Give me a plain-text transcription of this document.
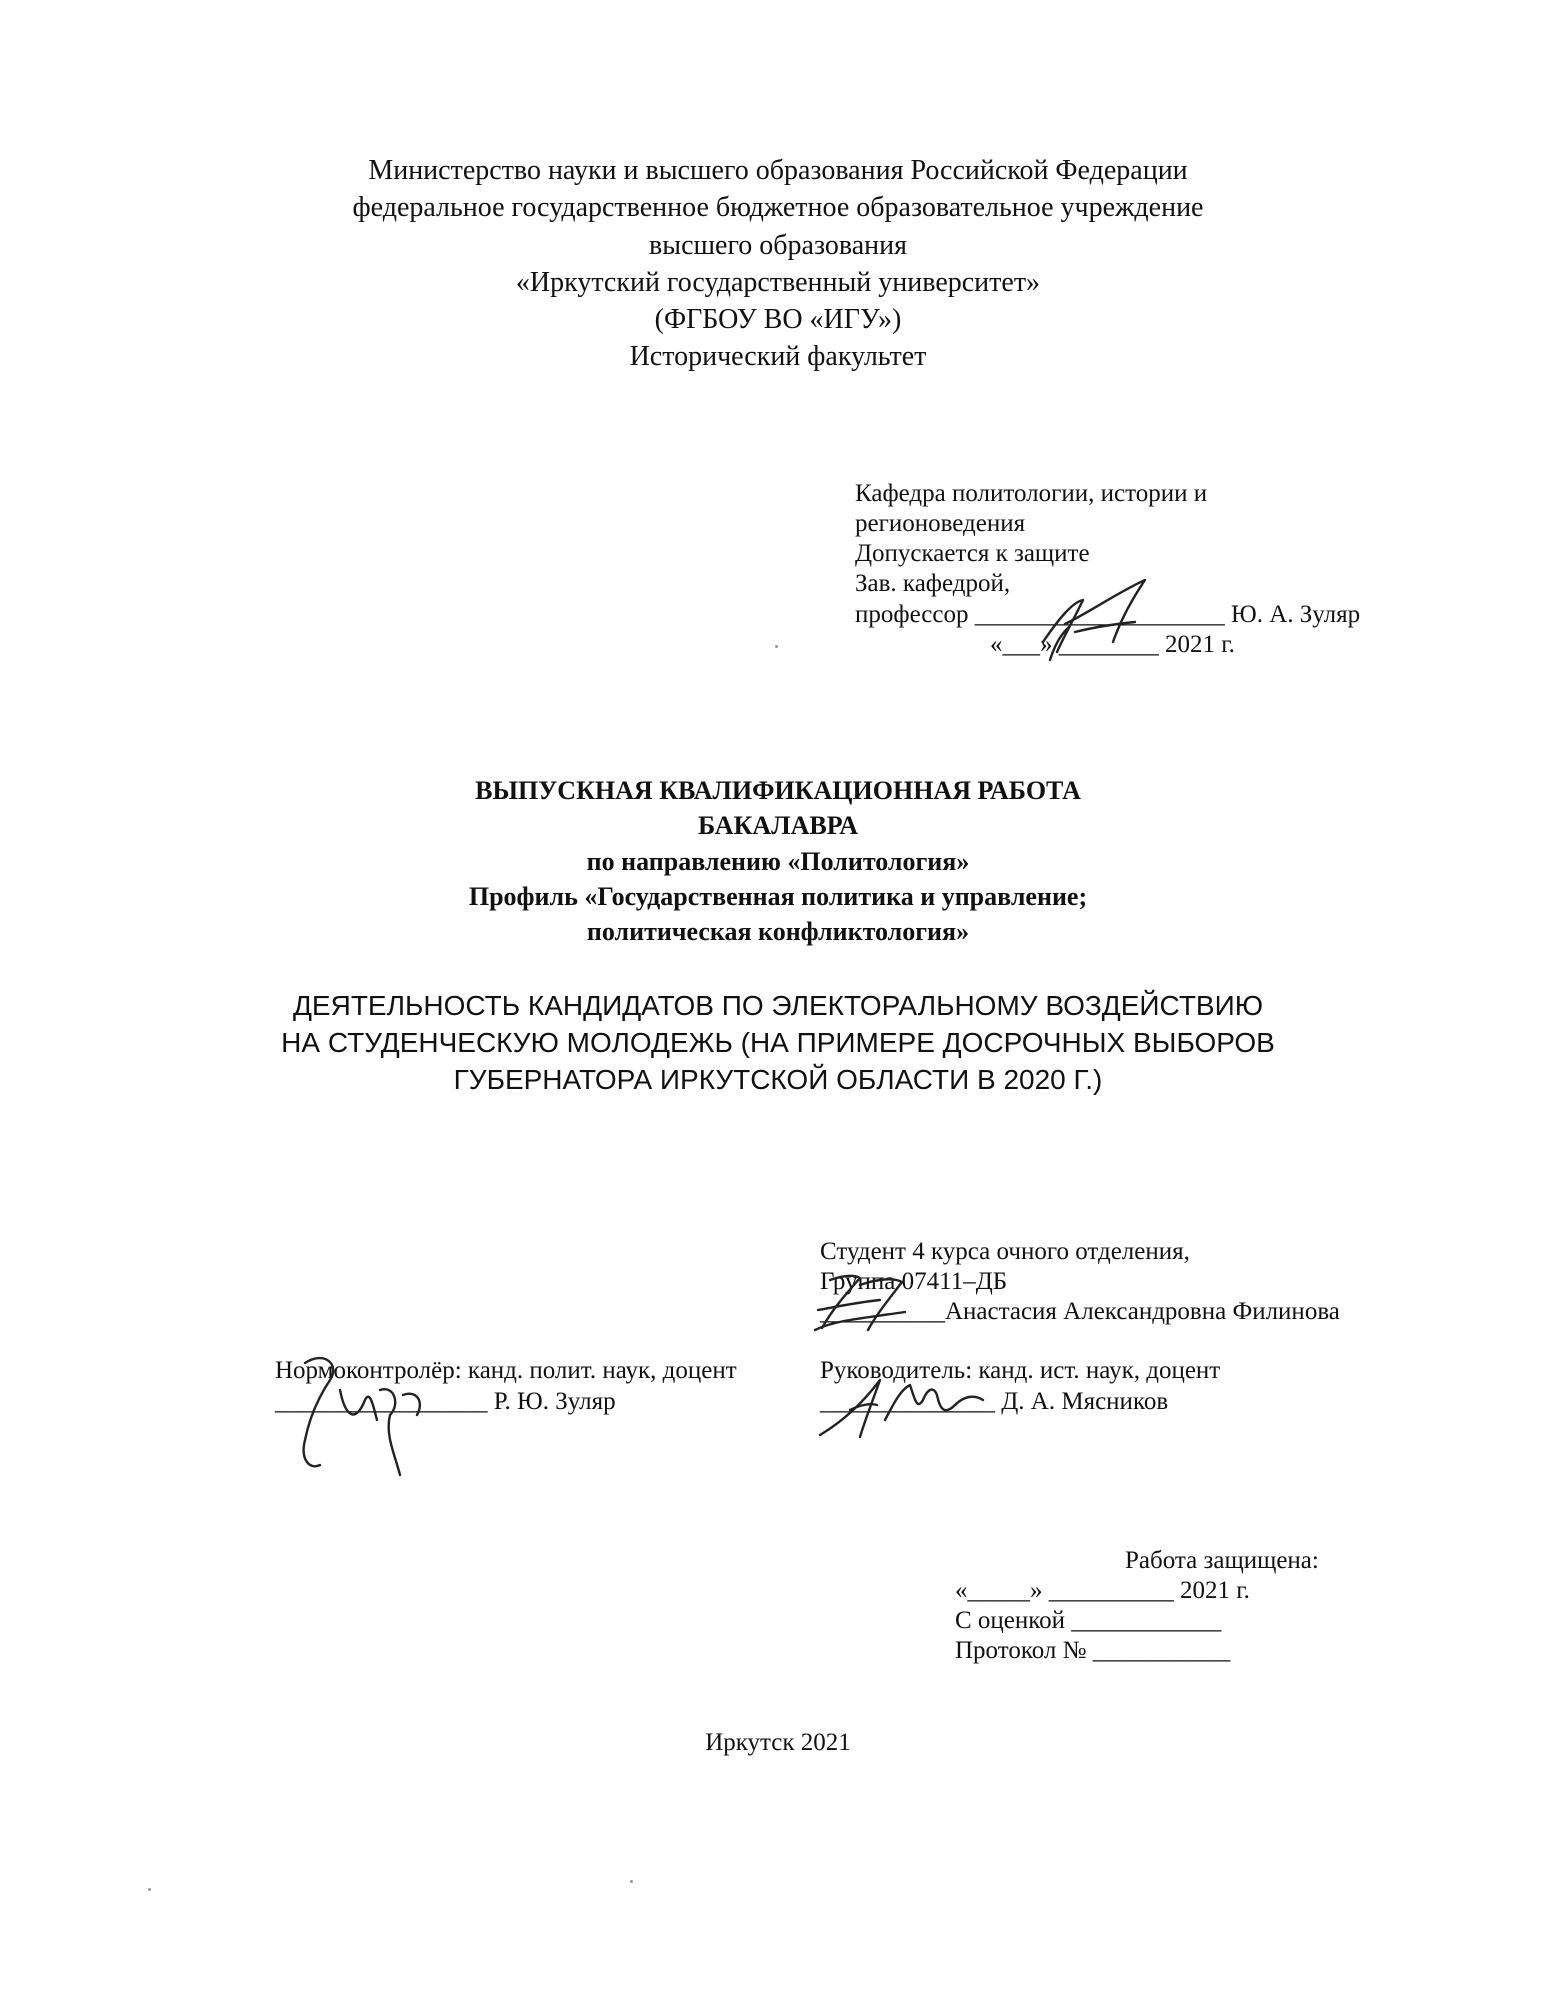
Министерство науки и высшего образования Российской Федерации
федеральное государственное бюджетное образовательное учреждение
высшего образования
«Иркутский государственный университет»
(ФГБОУ ВО «ИГУ»)
Исторический факультет
Кафедра политологии, истории и
регионоведения
Допускается к защите
Зав. кафедрой,
профессор ____________________ Ю. А. Зуляр
«___» ________ 2021 г.
ВЫПУСКНАЯ КВАЛИФИКАЦИОННАЯ РАБОТА
БАКАЛАВРА
по направлению «Политология»
Профиль «Государственная политика и управление;
политическая конфликтология»
ДЕЯТЕЛЬНОСТЬ КАНДИДАТОВ ПО ЭЛЕКТОРАЛЬНОМУ ВОЗДЕЙСТВИЮ
НА СТУДЕНЧЕСКУЮ МОЛОДЕЖЬ (НА ПРИМЕРЕ ДОСРОЧНЫХ ВЫБОРОВ
ГУБЕРНАТОРА ИРКУТСКОЙ ОБЛАСТИ В 2020 Г.)
Студент 4 курса очного отделения,
Группа 07411–ДБ
__________Анастасия Александровна Филинова
Нормоконтролёр: канд. полит. наук, доцент
_________________ Р. Ю. Зуляр
Руководитель: канд. ист. наук, доцент
______________ Д. А. Мясников
Работа защищена:
«_____» __________ 2021 г.
С оценкой ____________
Протокол № ___________
Иркутск 2021
